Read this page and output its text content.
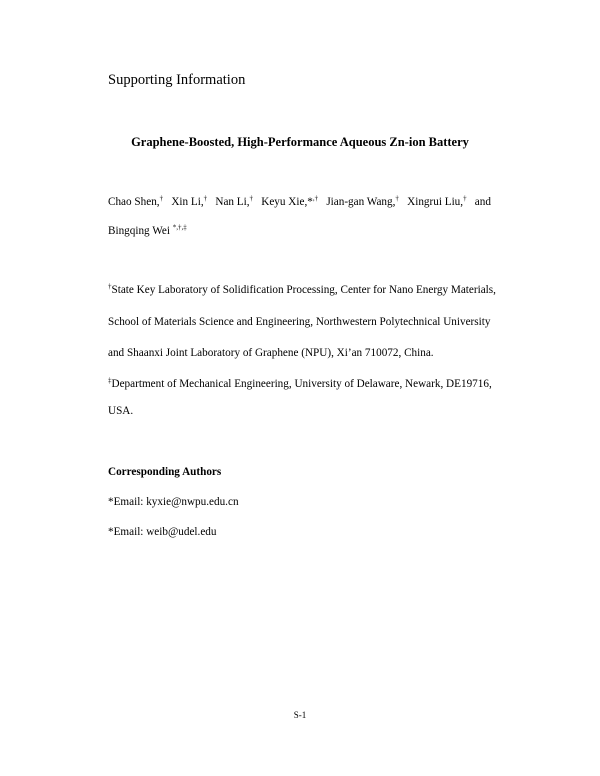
Supporting Information
Graphene-Boosted, High-Performance Aqueous Zn-ion Battery
Chao Shen,† Xin Li,† Nan Li,† Keyu Xie,*,† Jian-gan Wang,† Xingrui Liu,† and
Bingqing Wei *,†,‡
†State Key Laboratory of Solidification Processing, Center for Nano Energy Materials,
School of Materials Science and Engineering, Northwestern Polytechnical University
and Shaanxi Joint Laboratory of Graphene (NPU), Xi’an 710072, China.
‡Department of Mechanical Engineering, University of Delaware, Newark, DE19716,
USA.
Corresponding Authors
*Email: kyxie@nwpu.edu.cn
*Email: weib@udel.edu
S-1
